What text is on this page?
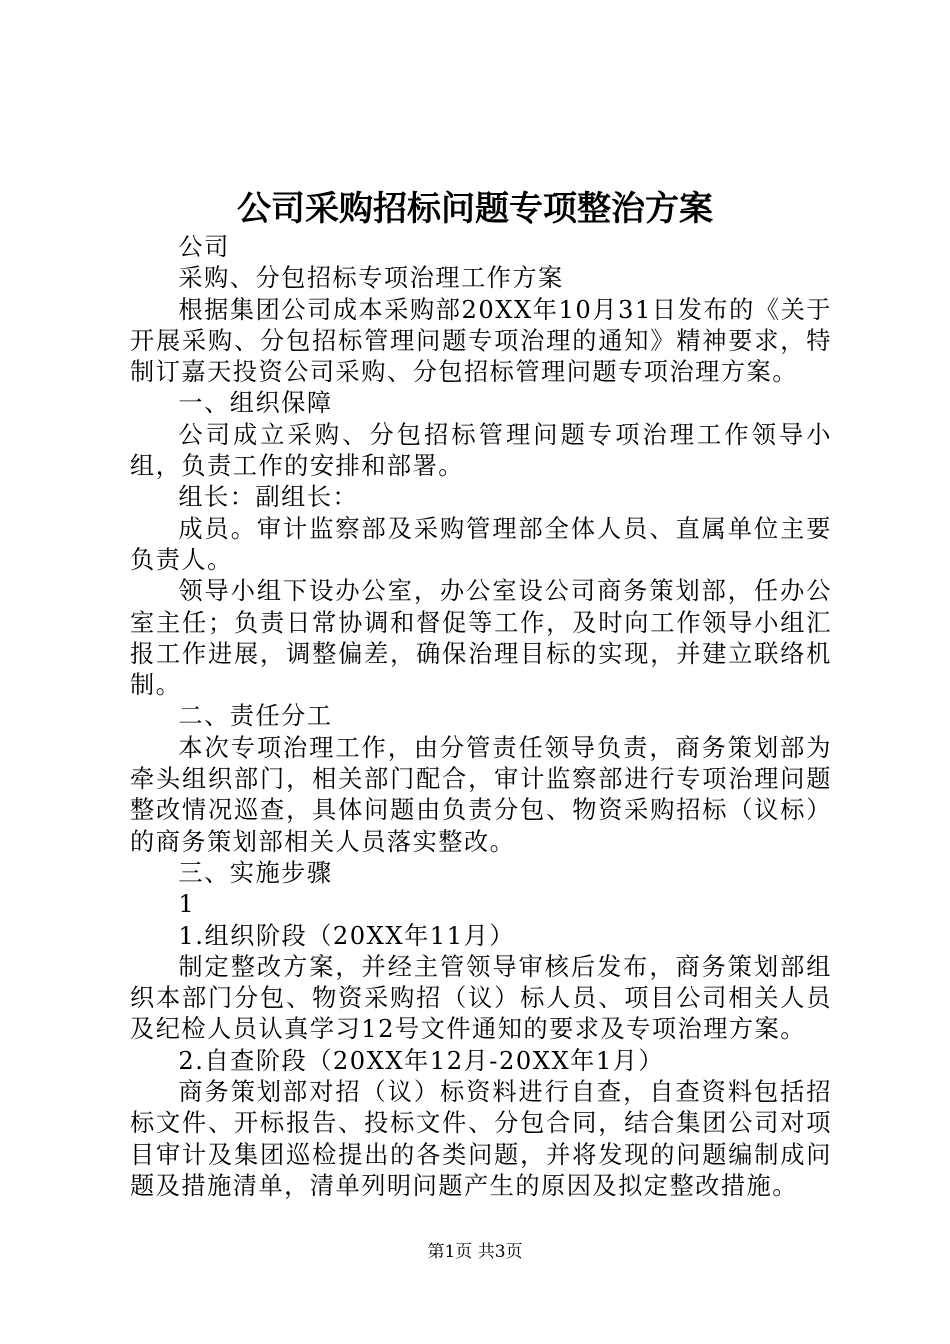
公司采购招标问题专项整治方案

公司

采购、分包招标专项治理工作方案

根据集团公司成本采购部20XX年10月31日发布的《关于开展采购、分包招标管理问题专项治理的通知》精神要求，特制订嘉天投资公司采购、分包招标管理问题专项治理方案。

一、组织保障

公司成立采购、分包招标管理问题专项治理工作领导小组，负责工作的安排和部署。

组长：副组长：

成员。审计监察部及采购管理部全体人员、直属单位主要负责人。

领导小组下设办公室，办公室设公司商务策划部，任办公室主任；负责日常协调和督促等工作，及时向工作领导小组汇报工作进展，调整偏差，确保治理目标的实现，并建立联络机制。

二、责任分工

本次专项治理工作，由分管责任领导负责，商务策划部为牵头组织部门，相关部门配合，审计监察部进行专项治理问题整改情况巡查，具体问题由负责分包、物资采购招标（议标）的商务策划部相关人员落实整改。

三、实施步骤

1

1.组织阶段（20XX年11月）

制定整改方案，并经主管领导审核后发布，商务策划部组织本部门分包、物资采购招（议）标人员、项目公司相关人员及纪检人员认真学习12号文件通知的要求及专项治理方案。

2.自查阶段（20XX年12月-20XX年1月）

商务策划部对招（议）标资料进行自查，自查资料包括招标文件、开标报告、投标文件、分包合同，结合集团公司对项目审计及集团巡检提出的各类问题，并将发现的问题编制成问题及措施清单，清单列明问题产生的原因及拟定整改措施。

第1页 共3页
